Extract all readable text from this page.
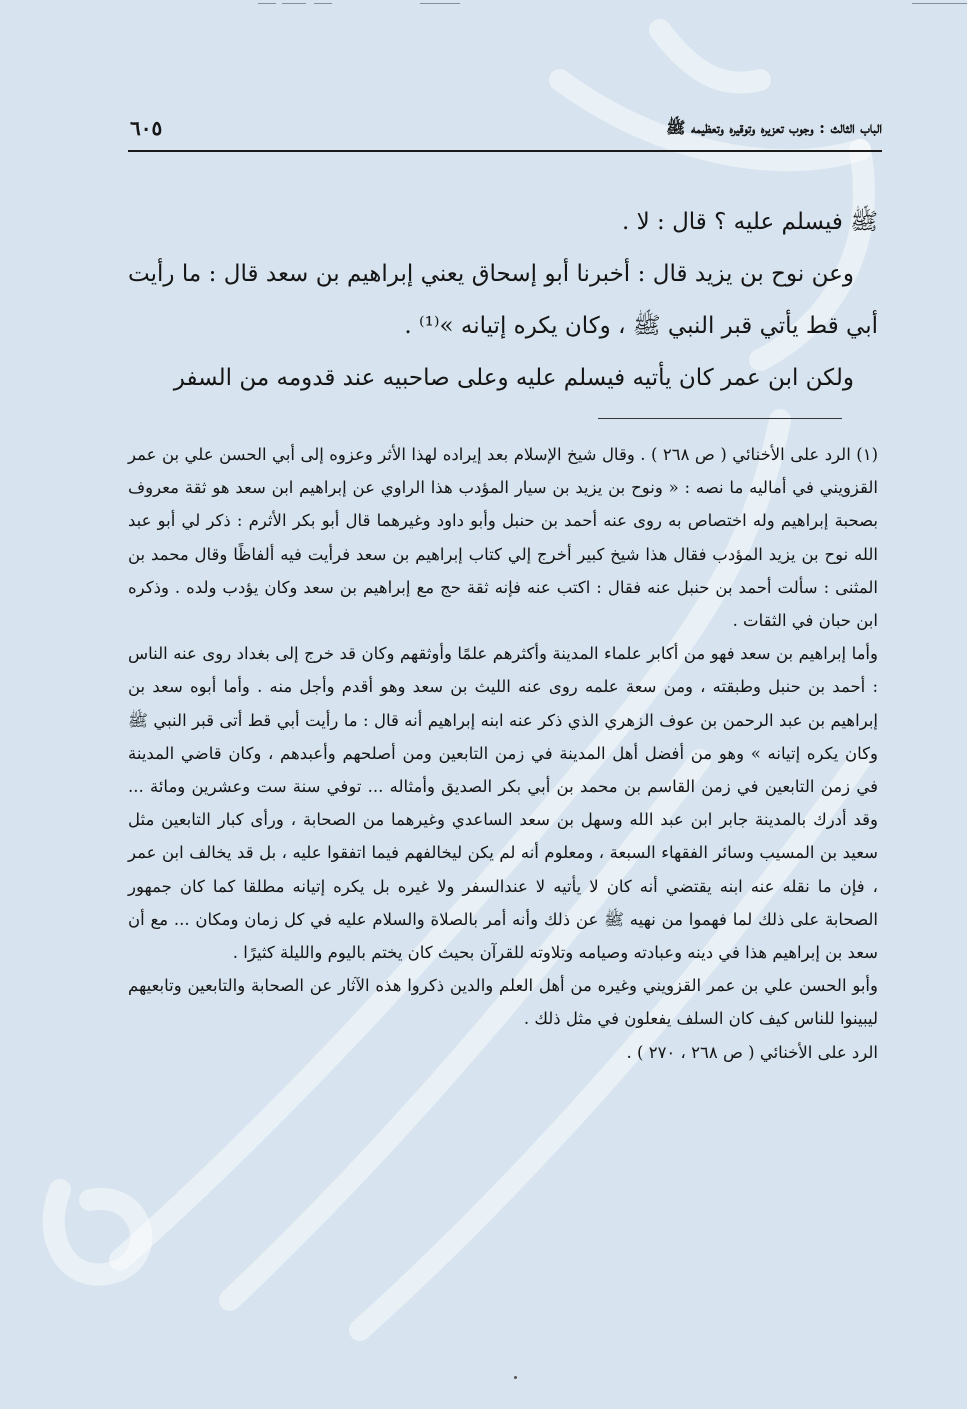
الباب الثالث : وجوب تعزيره وتوقيره وتعظيمه ﷺ
٦٠٥

ﷺ فيسلم عليه ؟ قال : لا .

وعن نوح بن يزيد قال : أخبرنا أبو إسحاق يعني إبراهيم بن سعد قال : ما رأيت أبي قط يأتي قبر النبي ﷺ ، وكان يكره إتيانه »⁽¹⁾ .

ولكن ابن عمر كان يأتيه فيسلم عليه وعلى صاحبيه عند قدومه من السفر

(١) الرد على الأخنائي ( ص ٢٦٨ ) . وقال شيخ الإسلام بعد إيراده لهذا الأثر وعزوه إلى أبي الحسن علي بن عمر القزويني في أماليه ما نصه : « ونوح بن يزيد بن سيار المؤدب هذا الراوي عن إبراهيم ابن سعد هو ثقة معروف بصحبة إبراهيم وله اختصاص به روى عنه أحمد بن حنبل وأبو داود وغيرهما قال أبو بكر الأثرم : ذكر لي أبو عبد الله نوح بن يزيد المؤدب فقال هذا شيخ كبير أخرج إلي كتاب إبراهيم بن سعد فرأيت فيه ألفاظًا وقال محمد بن المثنى : سألت أحمد بن حنبل عنه فقال : اكتب عنه فإنه ثقة حج مع إبراهيم بن سعد وكان يؤدب ولده . وذكره ابن حبان في الثقات .

وأما إبراهيم بن سعد فهو من أكابر علماء المدينة وأكثرهم علمًا وأوثقهم وكان قد خرج إلى بغداد روى عنه الناس : أحمد بن حنبل وطبقته ، ومن سعة علمه روى عنه الليث بن سعد وهو أقدم وأجل منه . وأما أبوه سعد بن إبراهيم بن عبد الرحمن بن عوف الزهري الذي ذكر عنه ابنه إبراهيم أنه قال : ما رأيت أبي قط أتى قبر النبي ﷺ وكان يكره إتيانه » وهو من أفضل أهل المدينة في زمن التابعين ومن أصلحهم وأعبدهم ، وكان قاضي المدينة في زمن التابعين في زمن القاسم بن محمد بن أبي بكر الصديق وأمثاله ... توفي سنة ست وعشرين ومائة ... وقد أدرك بالمدينة جابر ابن عبد الله وسهل بن سعد الساعدي وغيرهما من الصحابة ، ورأى كبار التابعين مثل سعيد بن المسيب وسائر الفقهاء السبعة ، ومعلوم أنه لم يكن ليخالفهم فيما اتفقوا عليه ، بل قد يخالف ابن عمر ، فإن ما نقله عنه ابنه يقتضي أنه كان لا يأتيه لا عندالسفر ولا غيره بل يكره إتيانه مطلقا كما كان جمهور الصحابة على ذلك لما فهموا من نهيه ﷺ عن ذلك وأنه أمر بالصلاة والسلام عليه في كل زمان ومكان ... مع أن سعد بن إبراهيم هذا في دينه وعبادته وصيامه وتلاوته للقرآن بحيث كان يختم باليوم والليلة كثيرًا .

وأبو الحسن علي بن عمر القزويني وغيره من أهل العلم والدين ذكروا هذه الآثار عن الصحابة والتابعين وتابعيهم ليبينوا للناس كيف كان السلف يفعلون في مثل ذلك .

الرد على الأخنائي ( ص ٢٦٨ ، ٢٧٠ ) .
